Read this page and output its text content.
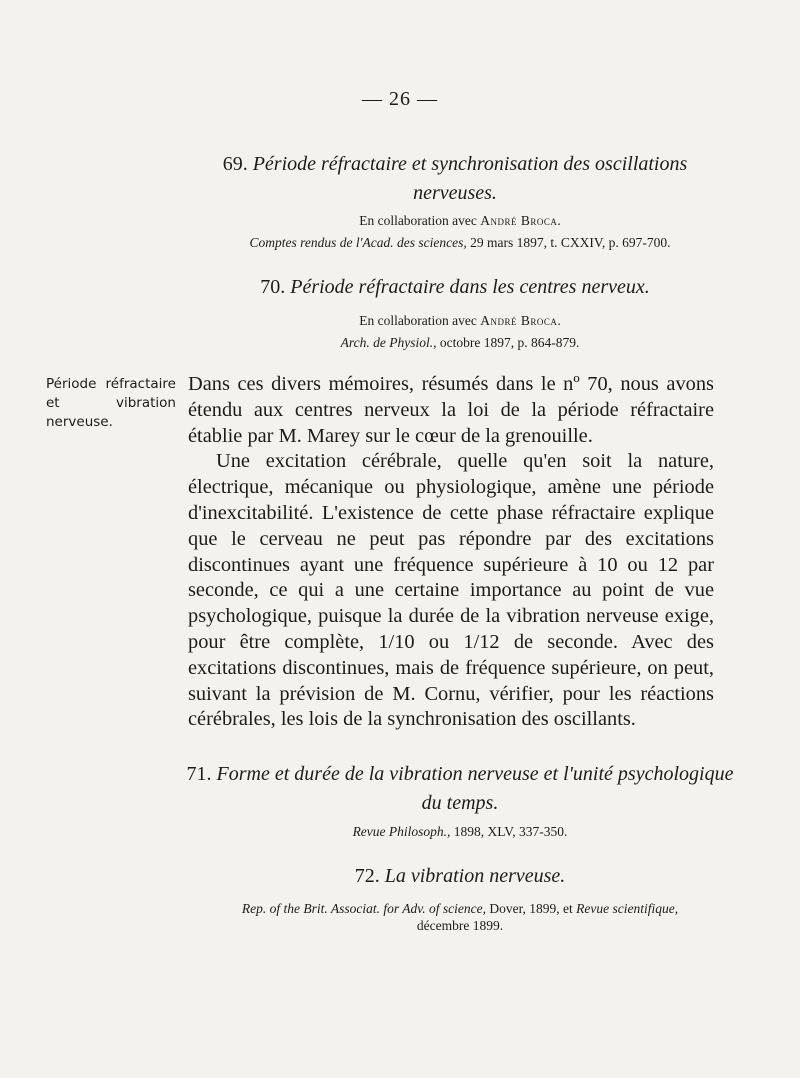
— 26 —
69. Période réfractaire et synchronisation des oscillations
nerveuses.
En collaboration avec André Broca.
Comptes rendus de l'Acad. des sciences, 29 mars 1897, t. CXXIV, p. 697-700.
70. Période réfractaire dans les centres nerveux.
En collaboration avec André Broca.
Arch. de Physiol., octobre 1897, p. 864-879.
Période réfractaire et vibration nerveuse.

Dans ces divers mémoires, résumés dans le nº 70, nous avons étendu aux centres nerveux la loi de la période réfractaire établie par M. Marey sur le cœur de la grenouille.

Une excitation cérébrale, quelle qu'en soit la nature, électrique, mécanique ou physiologique, amène une période d'inexcitabilité. L'existence de cette phase réfractaire explique que le cerveau ne peut pas répondre par des excitations discontinues ayant une fréquence supérieure à 10 ou 12 par seconde, ce qui a une certaine importance au point de vue psychologique, puisque la durée de la vibration nerveuse exige, pour être complète, 1/10 ou 1/12 de seconde. Avec des excitations discontinues, mais de fréquence supérieure, on peut, suivant la prévision de M. Cornu, vérifier, pour les réactions cérébrales, les lois de la synchronisation des oscillants.

71. Forme et durée de la vibration nerveuse et l'unité psychologique
du temps.
Revue Philosoph., 1898, XLV, 337-350.
72. La vibration nerveuse.
Rep. of the Brit. Associat. for Adv. of science, Dover, 1899, et Revue scientifique,
décembre 1899.
